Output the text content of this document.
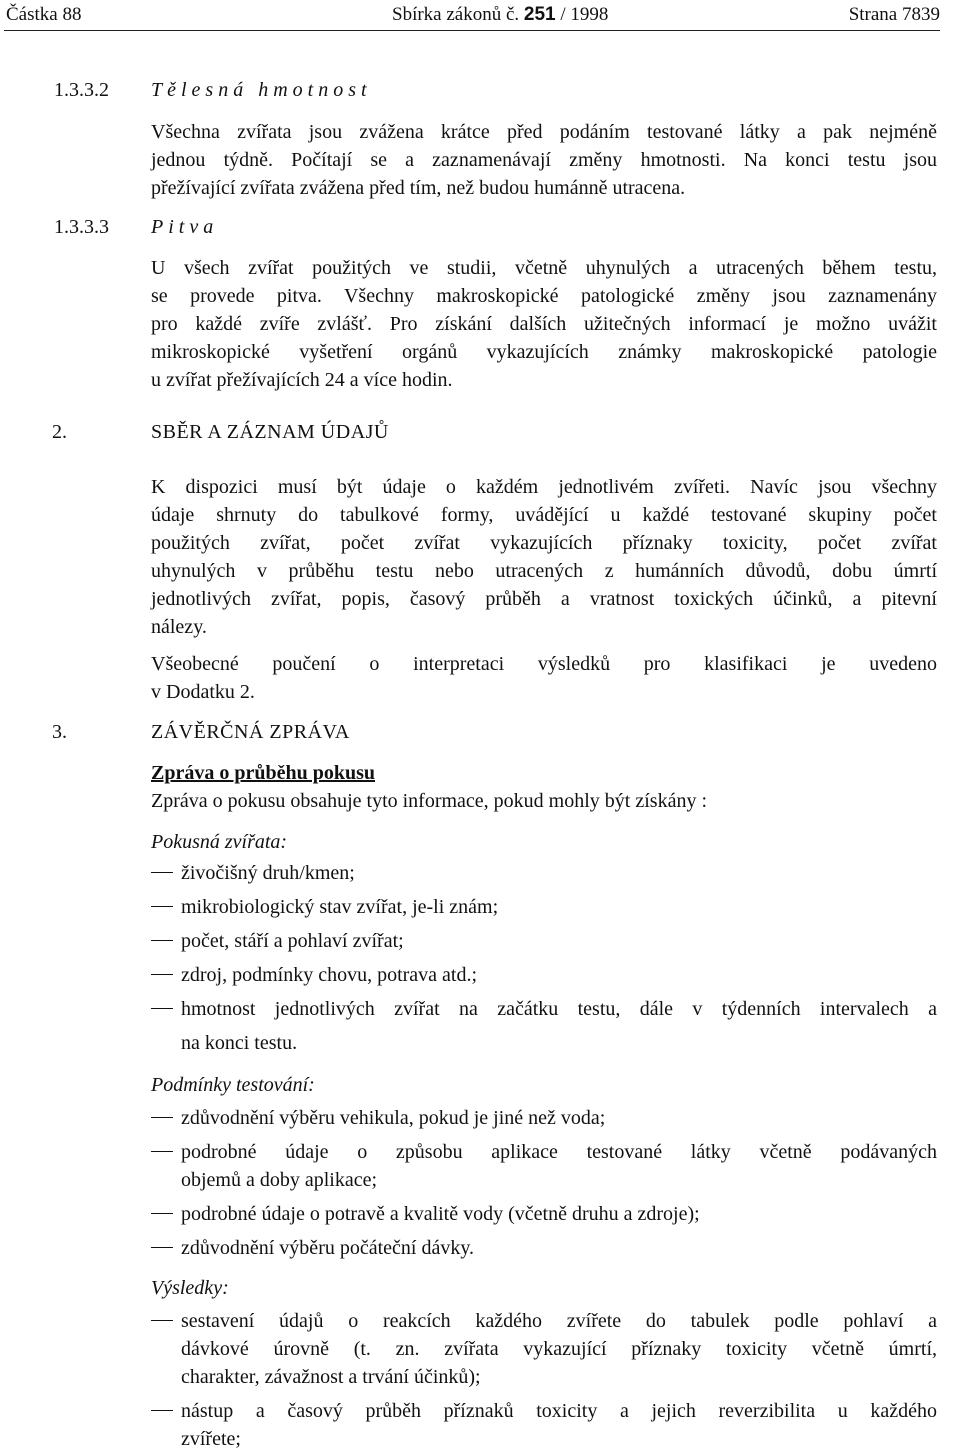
Částka 88	Sbírka zákonů č. 251 / 1998	Strana 7839
1.3.3.2 Tělesná hmotnost
Všechna zvířata jsou zvážena krátce před podáním testované látky a pak nejméně
jednou týdně. Počítají se a zaznamenávají změny hmotnosti. Na konci testu jsou
přežívající zvířata zvážena před tím, než budou humánně utracena.
1.3.3.3 Pitva
U všech zvířat použitých ve studii, včetně uhynulých a utracených během testu,
se provede pitva. Všechny makroskopické patologické změny jsou zaznamenány
pro každé zvíře zvlášť. Pro získání dalších užitečných informací je možno uvážit
mikroskopické vyšetření orgánů vykazujících známky makroskopické patologie
u zvířat přežívajících 24 a více hodin.
2.	SBĚR A ZÁZNAM ÚDAJŮ
K dispozici musí být údaje o každém jednotlivém zvířeti. Navíc jsou všechny
údaje shrnuty do tabulkové formy, uvádějící u každé testované skupiny počet
použitých zvířat, počet zvířat vykazujících příznaky toxicity, počet zvířat
uhynulých v průběhu testu nebo utracených z humánních důvodů, dobu úmrtí
jednotlivých zvířat, popis, časový průběh a vratnost toxických účinků, a pitevní
nálezy.
Všeobecné poučení o interpretaci výsledků pro klasifikaci je uvedeno
v Dodatku 2.
3.	ZÁVĚRČNÁ ZPRÁVA
Zpráva o průběhu pokusu
Zpráva o pokusu obsahuje tyto informace, pokud mohly být získány :
Pokusná zvířata:
živočišný druh/kmen;
mikrobiologický stav zvířat, je-li znám;
počet, stáří a pohlaví zvířat;
zdroj, podmínky chovu, potrava atd.;
hmotnost jednotlivých zvířat na začátku testu, dále v týdenních intervalech a
na konci testu.
Podmínky testování:
zdůvodnění výběru vehikula, pokud je jiné než voda;
podrobné údaje o způsobu aplikace testované látky včetně podávaných
objemů a doby aplikace;
podrobné údaje o potravě a kvalitě vody (včetně druhu a zdroje);
zdůvodnění výběru počáteční dávky.
Výsledky:
sestavení údajů o reakcích každého zvířete do tabulek podle pohlaví a
dávkové úrovně (t. zn. zvířata vykazující příznaky toxicity včetně úmrtí,
charakter, závažnost a trvání účinků);
nástup a časový průběh příznaků toxicity a jejich reverzibilita u každého
zvířete;
